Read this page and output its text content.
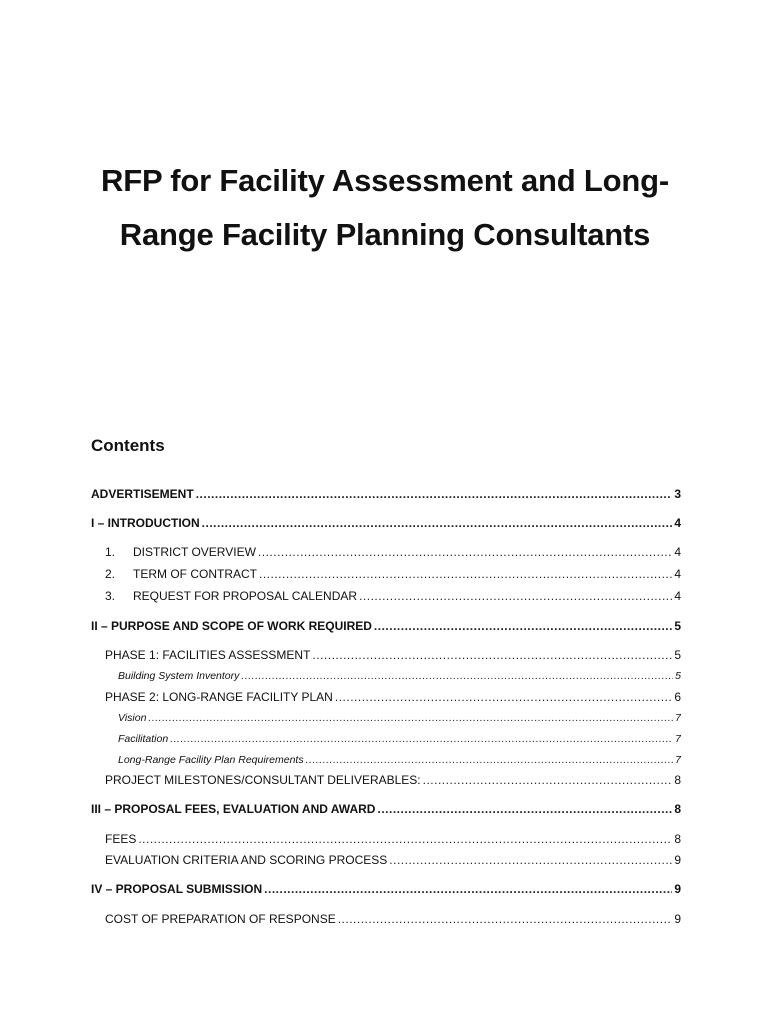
RFP for Facility Assessment and Long-Range Facility Planning Consultants
Contents
ADVERTISEMENT .....	3
I – INTRODUCTION .....	4
1.	DISTRICT OVERVIEW .....	4
2.	TERM OF CONTRACT .....	4
3.	REQUEST FOR PROPOSAL CALENDAR .....	4
II – PURPOSE AND SCOPE OF WORK REQUIRED .....	5
PHASE 1: FACILITIES ASSESSMENT .....	5
Building System Inventory .....	5
PHASE 2: LONG-RANGE FACILITY PLAN .....	6
Vision .....	7
Facilitation .....	7
Long-Range Facility Plan Requirements .....	7
PROJECT MILESTONES/CONSULTANT DELIVERABLES: .....	8
III – PROPOSAL FEES, EVALUATION AND AWARD .....	8
FEES .....	8
EVALUATION CRITERIA AND SCORING PROCESS .....	9
IV – PROPOSAL SUBMISSION .....	9
COST OF PREPARATION OF RESPONSE .....	9
